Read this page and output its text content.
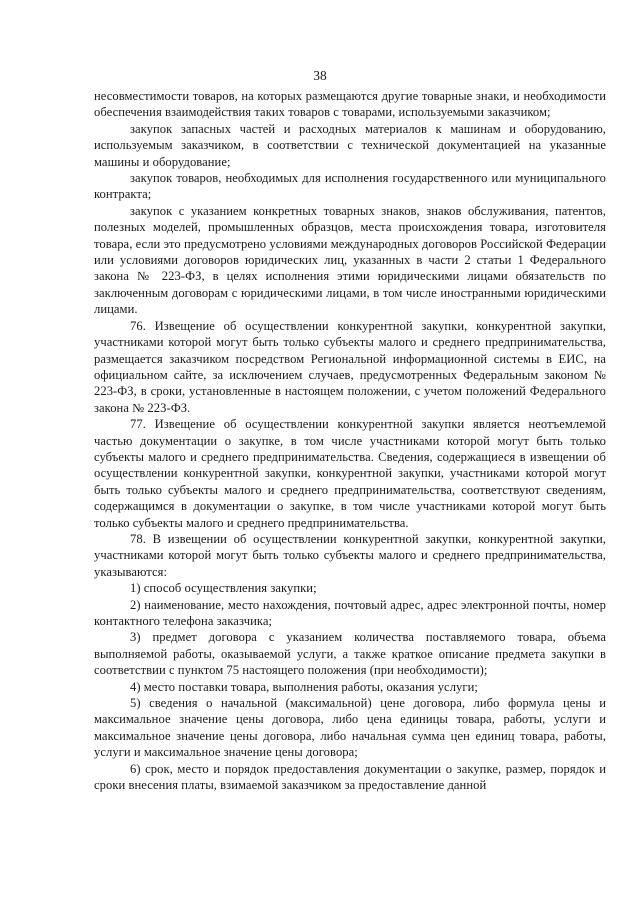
38

несовместимости товаров, на которых размещаются другие товарные знаки, и необходимости обеспечения взаимодействия таких товаров с товарами, используемыми заказчиком;

закупок запасных частей и расходных материалов к машинам и оборудованию, используемым заказчиком, в соответствии с технической документацией на указанные машины и оборудование;

закупок товаров, необходимых для исполнения государственного или муниципального контракта;

закупок с указанием конкретных товарных знаков, знаков обслуживания, патентов, полезных моделей, промышленных образцов, места происхождения товара, изготовителя товара, если это предусмотрено условиями международных договоров Российской Федерации или условиями договоров юридических лиц, указанных в части 2 статьи 1 Федерального закона № 223-ФЗ, в целях исполнения этими юридическими лицами обязательств по заключенным договорам с юридическими лицами, в том числе иностранными юридическими лицами.

76. Извещение об осуществлении конкурентной закупки, конкурентной закупки, участниками которой могут быть только субъекты малого и среднего предпринимательства, размещается заказчиком посредством Региональной информационной системы в ЕИС, на официальном сайте, за исключением случаев, предусмотренных Федеральным законом № 223-ФЗ, в сроки, установленные в настоящем положении, с учетом положений Федерального закона № 223-ФЗ.

77. Извещение об осуществлении конкурентной закупки является неотъемлемой частью документации о закупке, в том числе участниками которой могут быть только субъекты малого и среднего предпринимательства. Сведения, содержащиеся в извещении об осуществлении конкурентной закупки, конкурентной закупки, участниками которой могут быть только субъекты малого и среднего предпринимательства, соответствуют сведениям, содержащимся в документации о закупке, в том числе участниками которой могут быть только субъекты малого и среднего предпринимательства.

78. В извещении об осуществлении конкурентной закупки, конкурентной закупки, участниками которой могут быть только субъекты малого и среднего предпринимательства, указываются:

1) способ осуществления закупки;

2) наименование, место нахождения, почтовый адрес, адрес электронной почты, номер контактного телефона заказчика;

3) предмет договора с указанием количества поставляемого товара, объема выполняемой работы, оказываемой услуги, а также краткое описание предмета закупки в соответствии с пунктом 75 настоящего положения (при необходимости);

4) место поставки товара, выполнения работы, оказания услуги;

5) сведения о начальной (максимальной) цене договора, либо формула цены и максимальное значение цены договора, либо цена единицы товара, работы, услуги и максимальное значение цены договора, либо начальная сумма цен единиц товара, работы, услуги и максимальное значение цены договора;

6) срок, место и порядок предоставления документации о закупке, размер, порядок и сроки внесения платы, взимаемой заказчиком за предоставление данной
